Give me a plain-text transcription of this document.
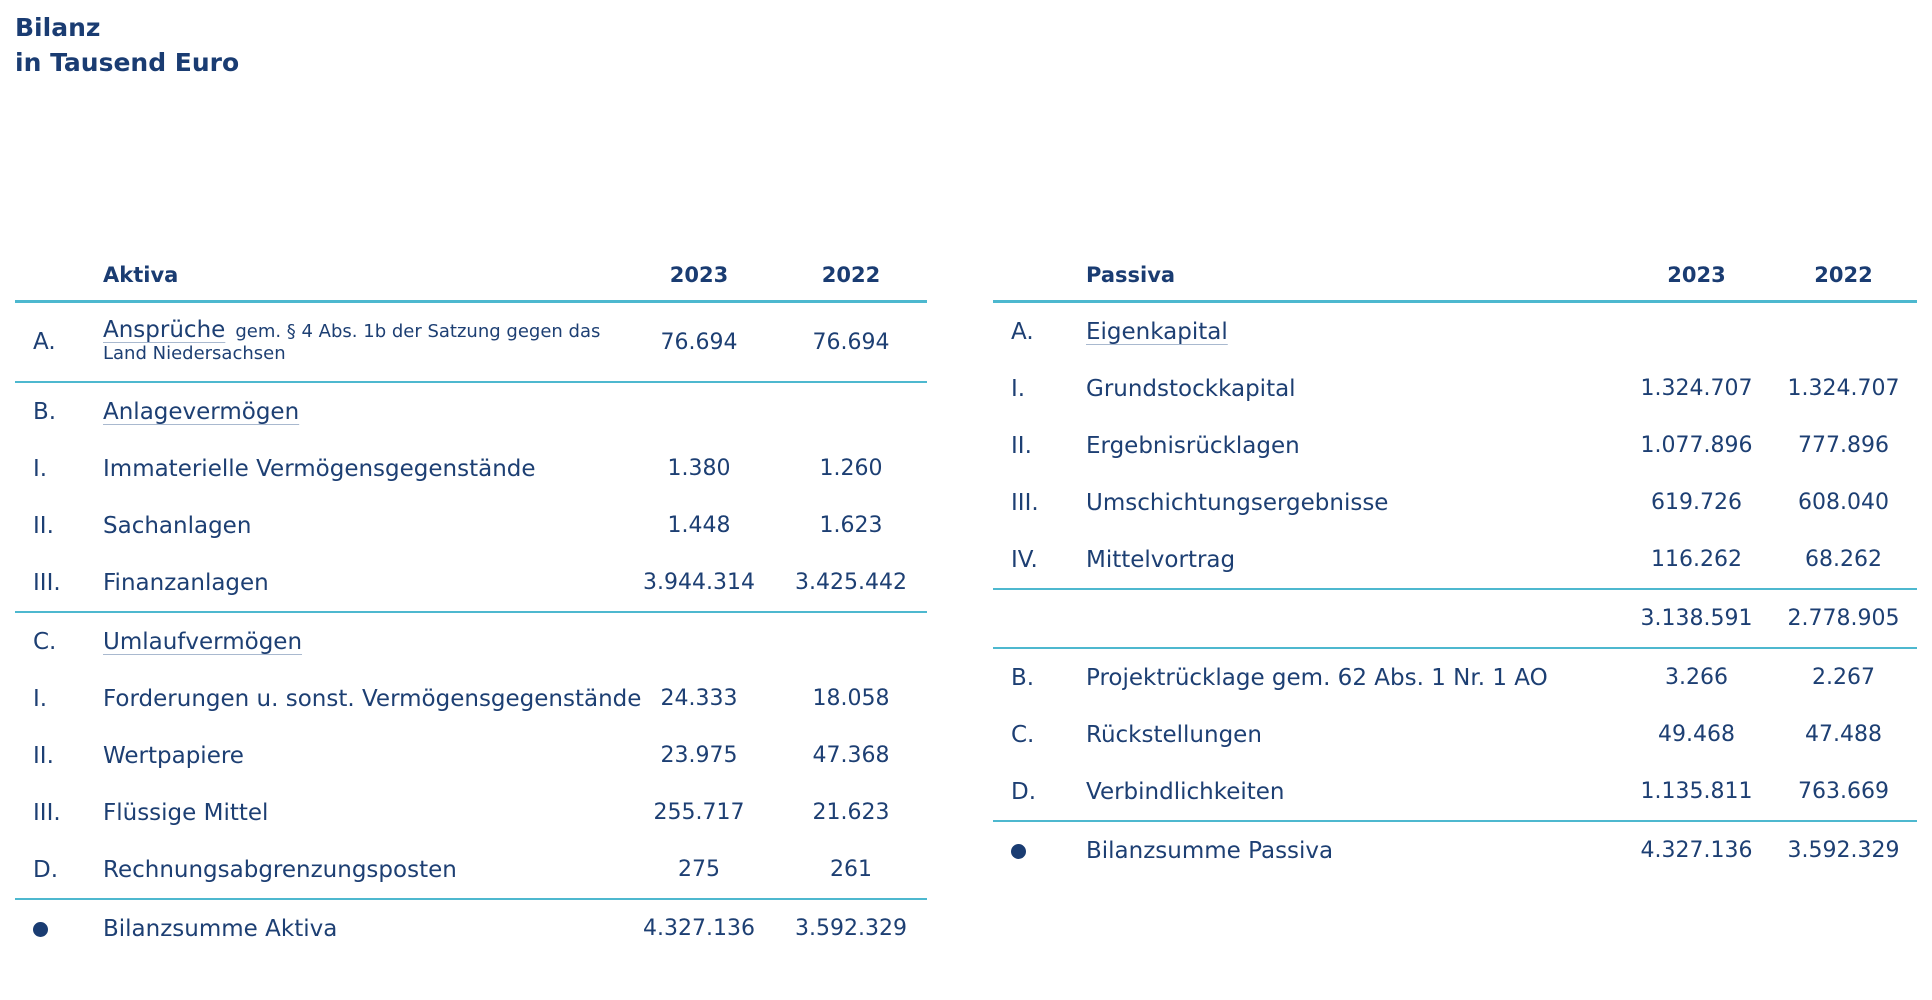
Bilanz
in Tausend Euro
	Aktiva	2023	2022
A.	Ansprüche gem. § 4 Abs. 1b der Satzung gegen das
Land Niedersachsen	76.694	76.694
B.	Anlagevermögen		
I.	Immaterielle Vermögensgegenstände	1.380	1.260
II.	Sachanlagen	1.448	1.623
III.	Finanzanlagen	3.944.314	3.425.442
C.	Umlaufvermögen		
I.	Forderungen u. sonst. Vermögensgegenstände	24.333	18.058
II.	Wertpapiere	23.975	47.368
III.	Flüssige Mittel	255.717	21.623
D.	Rechnungsabgrenzungsposten	275	261
	Bilanzsumme Aktiva	4.327.136	3.592.329
	Passiva	2023	2022
A.	Eigenkapital		
I.	Grundstockkapital	1.324.707	1.324.707
II.	Ergebnisrücklagen	1.077.896	777.896
III.	Umschichtungsergebnisse	619.726	608.040
IV.	Mittelvortrag	116.262	68.262
		3.138.591	2.778.905
B.	Projektrücklage gem. 62 Abs. 1 Nr. 1 AO	3.266	2.267
C.	Rückstellungen	49.468	47.488
D.	Verbindlichkeiten	1.135.811	763.669
	Bilanzsumme Passiva	4.327.136	3.592.329
